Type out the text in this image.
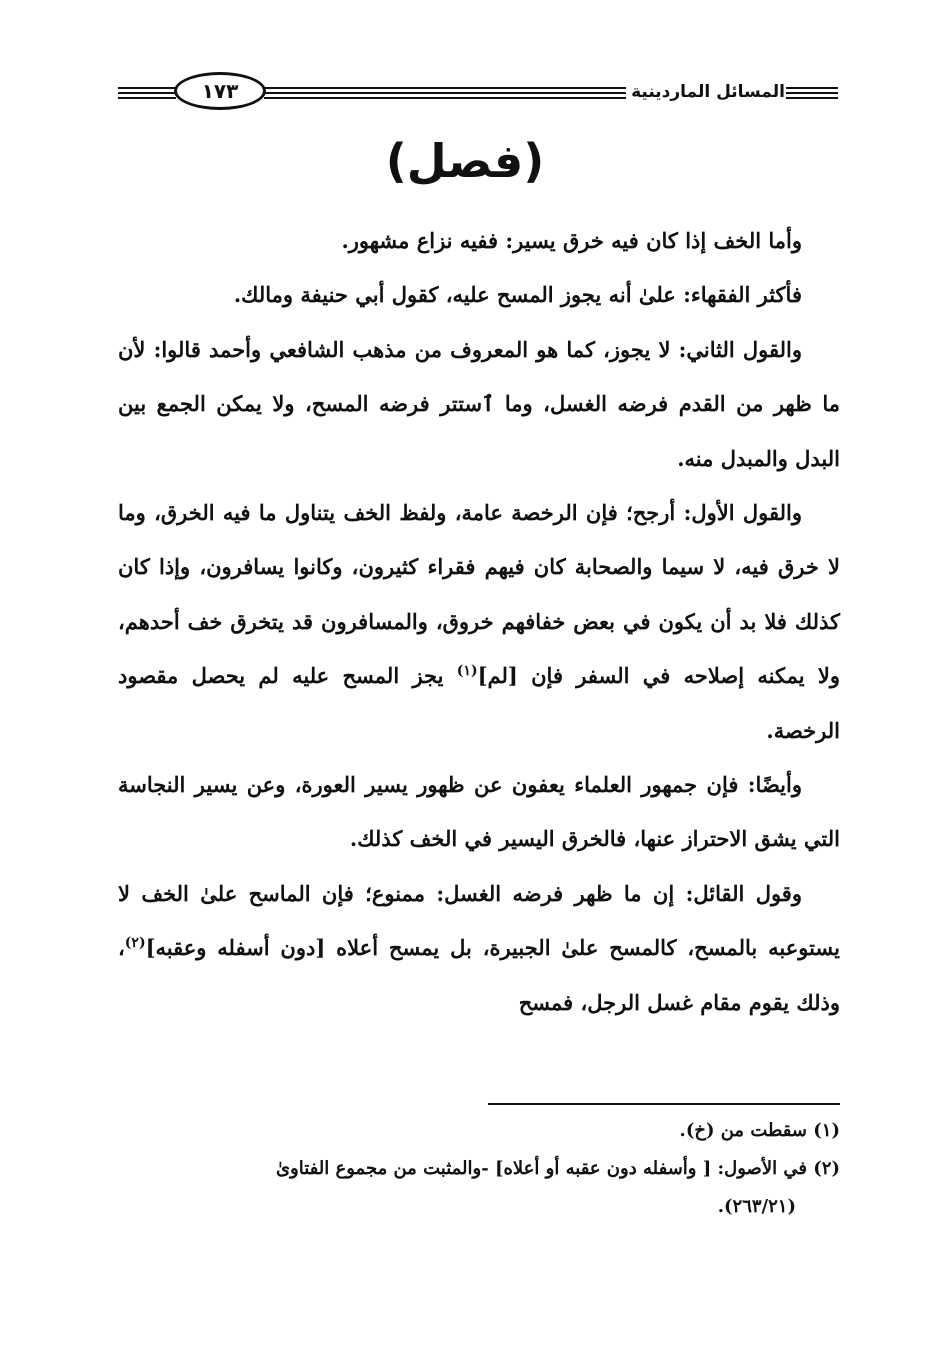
١٧٣	المسائل الماردينية
(فصل)

وأما الخف إذا كان فيه خرق يسير: ففيه نزاع مشهور.

فأكثر الفقهاء: علىٰ أنه يجوز المسح عليه، كقول أبي حنيفة ومالك.

والقول الثاني: لا يجوز، كما هو المعروف من مذهب الشافعي وأحمد قالوا: لأن ما ظهر من القدم فرضه الغسل، وما ٱستتر فرضه المسح، ولا يمكن الجمع بين البدل والمبدل منه.

والقول الأول: أرجح؛ فإن الرخصة عامة، ولفظ الخف يتناول ما فيه الخرق، وما لا خرق فيه، لا سيما والصحابة كان فيهم فقراء كثيرون، وكانوا يسافرون، وإذا كان كذلك فلا بد أن يكون في بعض خفافهم خروق، والمسافرون قد يتخرق خف أحدهم، ولا يمكنه إصلاحه في السفر فإن [لم]$^{(١)}$ يجز المسح عليه لم يحصل مقصود الرخصة.

وأيضًا: فإن جمهور العلماء يعفون عن ظهور يسير العورة، وعن يسير النجاسة التي يشق الاحتراز عنها، فالخرق اليسير في الخف كذلك.

وقول القائل: إن ما ظهر فرضه الغسل: ممنوع؛ فإن الماسح علىٰ الخف لا يستوعبه بالمسح، كالمسح علىٰ الجبيرة، بل يمسح أعلاه [دون أسفله وعقبه]$^{(٢)}$، وذلك يقوم مقام غسل الرجل، فمسح

(١) سقطت من (خ).

(٢) في الأصول: [ وأسفله دون عقبه أو أعلاه] -والمثبت من مجموع الفتاوىٰ

(٢٦٣/٢١).
